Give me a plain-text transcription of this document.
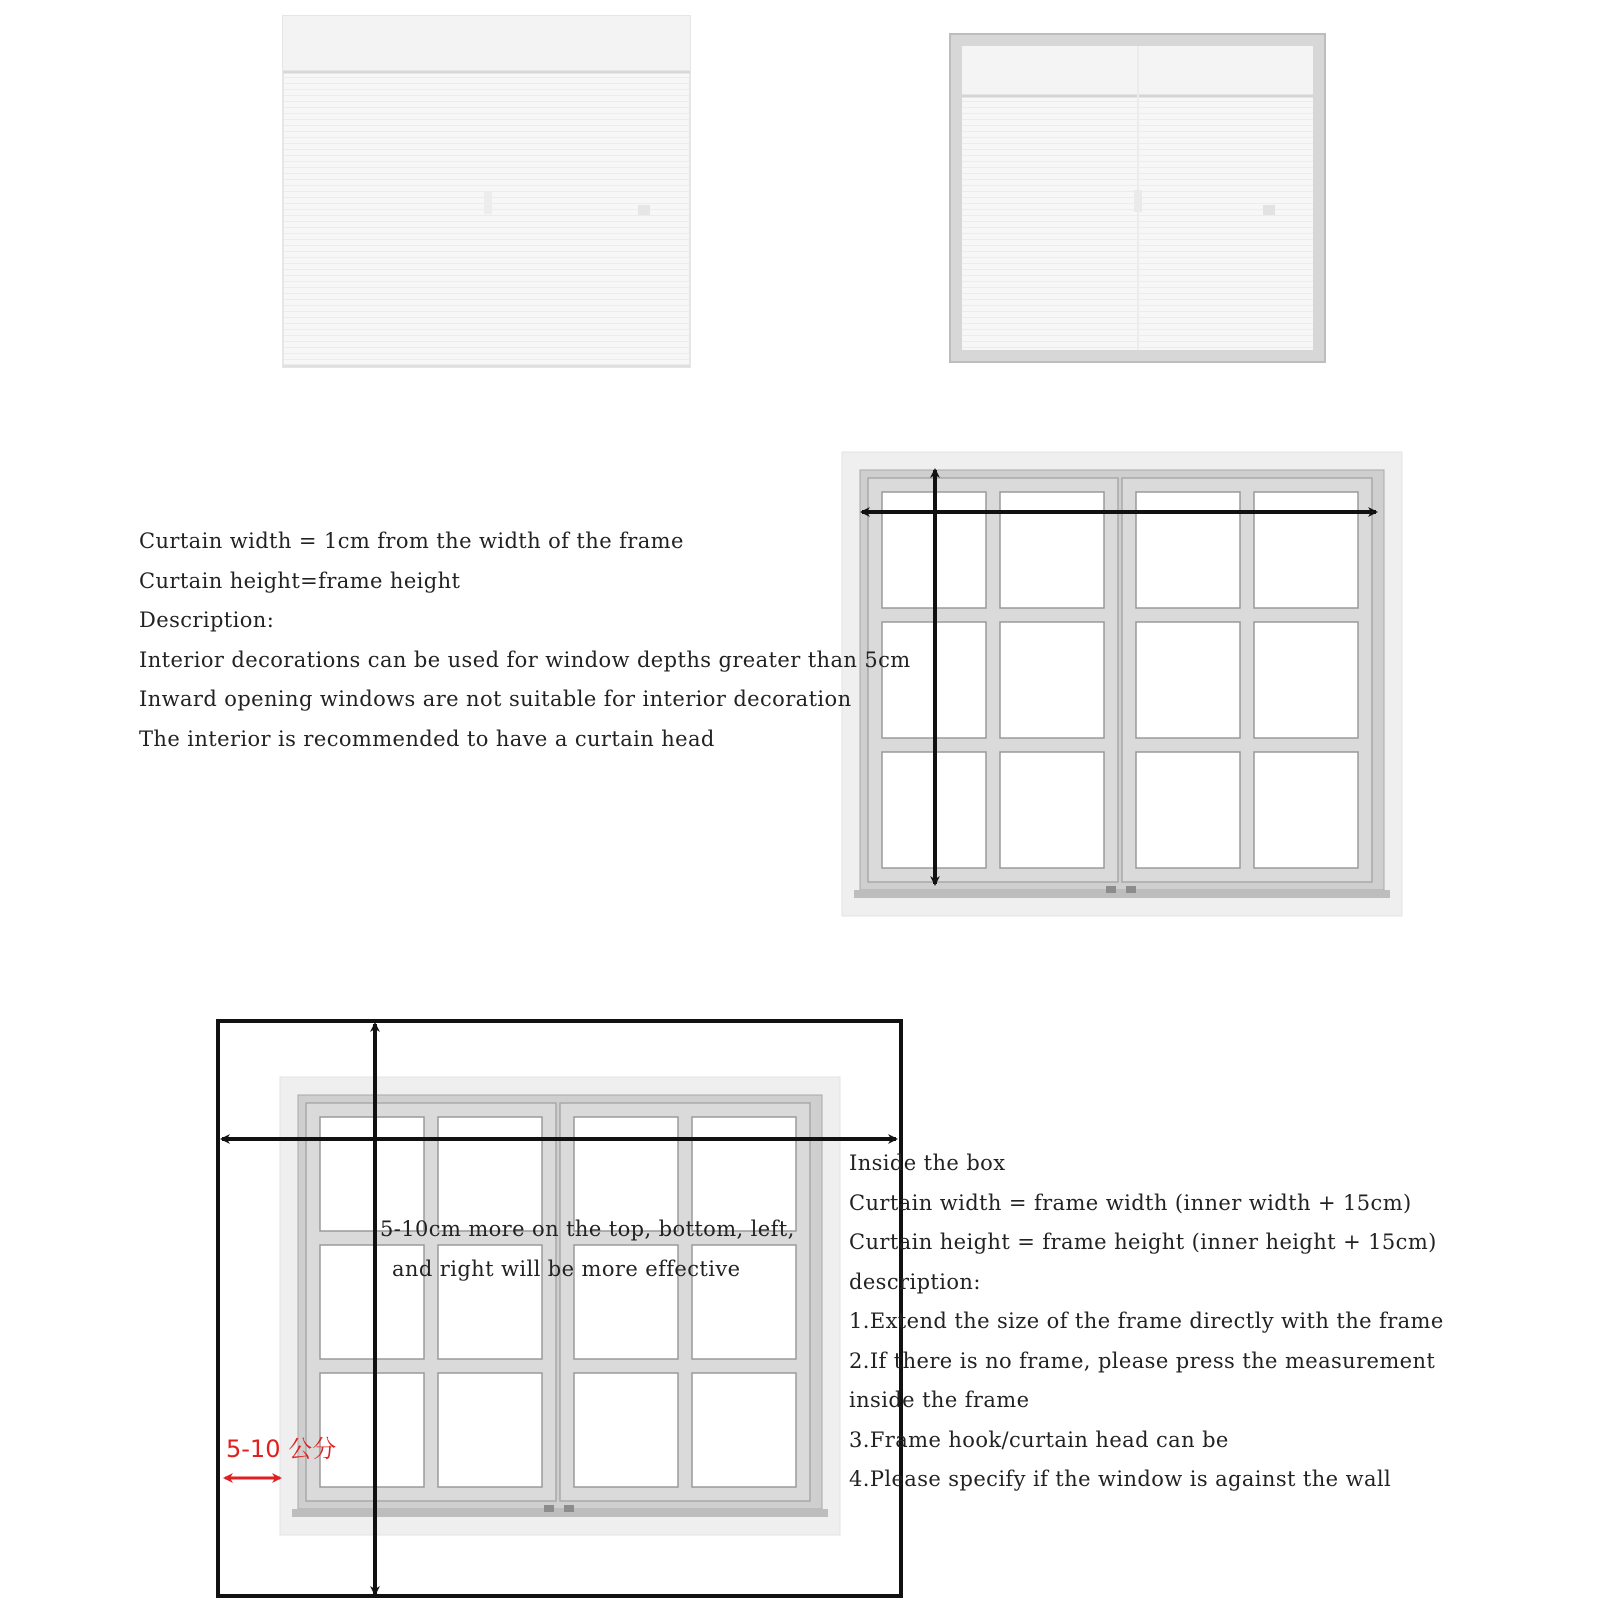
Curtain width = 1cm from the width of the frame
Curtain height=frame height
Description:
Interior decorations can be used for window depths greater than 5cm
Inward opening windows are not suitable for interior decoration
The interior is recommended to have a curtain head
5-10cm more on the top, bottom, left,
and right will be more effective
5-10 公分
Inside the box
Curtain width = frame width (inner width + 15cm)
Curtain height = frame height (inner height + 15cm)
description:
1.Extend the size of the frame directly with the frame
2.If there is no frame, please press the measurement
inside the frame
3.Frame hook/curtain head can be
4.Please specify if the window is against the wall
